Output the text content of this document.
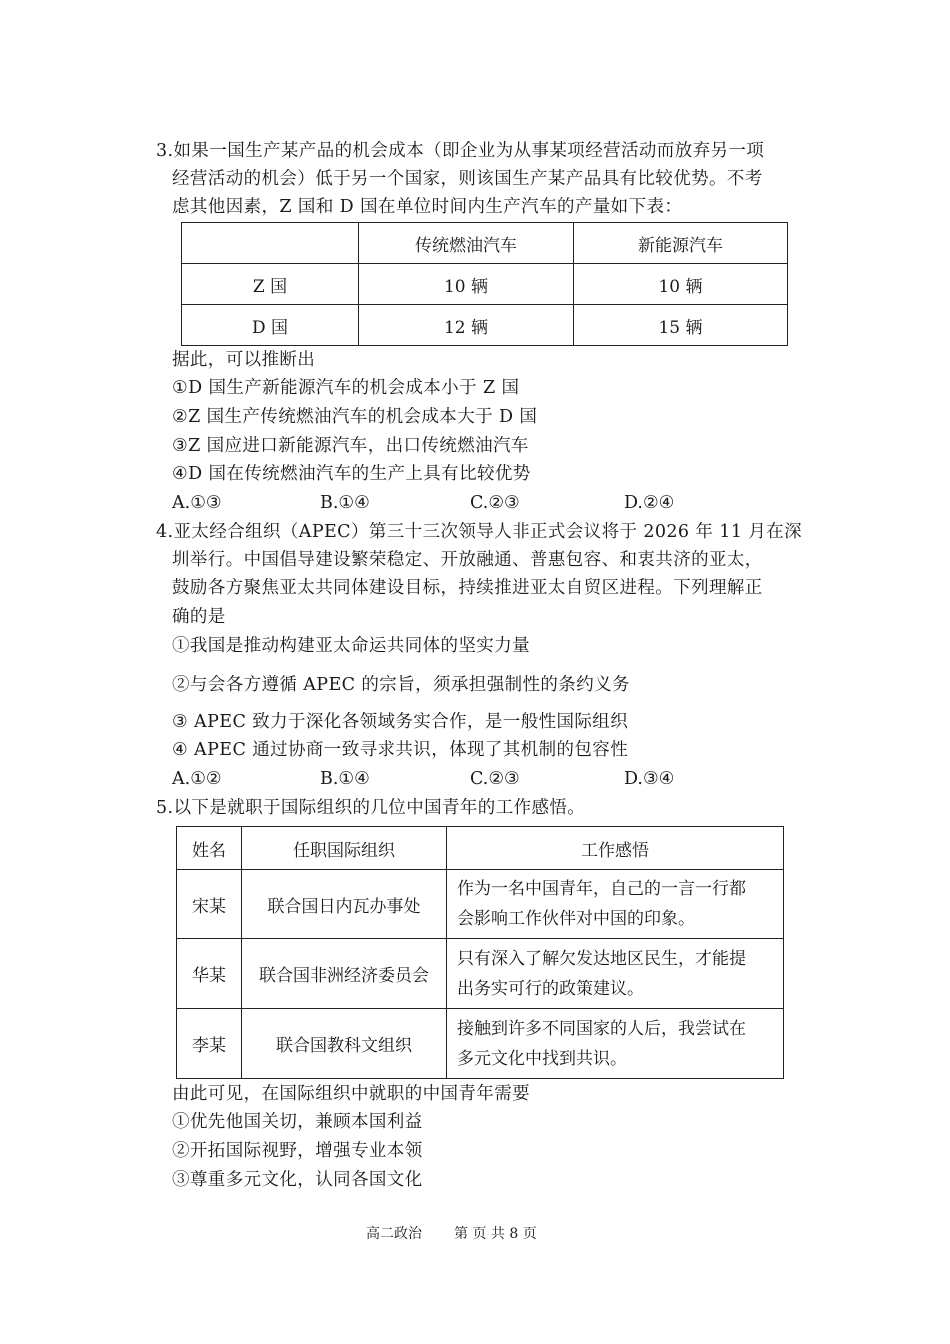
3.如果一国生产某产品的机会成本（即企业为从事某项经营活动而放弃另一项
经营活动的机会）低于另一个国家，则该国生产某产品具有比较优势。不考
虑其他因素，Z 国和 D 国在单位时间内生产汽车的产量如下表：
	传统燃油汽车	新能源汽车
Z 国	10 辆	10 辆
D 国	12 辆	15 辆
据此，可以推断出
①D 国生产新能源汽车的机会成本小于 Z 国
②Z 国生产传统燃油汽车的机会成本大于 D 国
③Z 国应进口新能源汽车，出口传统燃油汽车
④D 国在传统燃油汽车的生产上具有比较优势
A.①③	B.①④	C.②③	D.②④
4.亚太经合组织（APEC）第三十三次领导人非正式会议将于 2026 年 11 月在深
圳举行。中国倡导建设繁荣稳定、开放融通、普惠包容、和衷共济的亚太，
鼓励各方聚焦亚太共同体建设目标，持续推进亚太自贸区进程。下列理解正
确的是
①我国是推动构建亚太命运共同体的坚实力量
②与会各方遵循 APEC 的宗旨，须承担强制性的条约义务
③ APEC 致力于深化各领域务实合作，是一般性国际组织
④ APEC 通过协商一致寻求共识，体现了其机制的包容性
A.①②	B.①④	C.②③	D.③④
5.以下是就职于国际组织的几位中国青年的工作感悟。
姓名	任职国际组织	工作感悟
宋某	联合国日内瓦办事处	作为一名中国青年，自己的一言一行都
会影响工作伙伴对中国的印象。

华某	联合国非洲经济委员会	只有深入了解欠发达地区民生，才能提
出务实可行的政策建议。

李某	联合国教科文组织	接触到许多不同国家的人后，我尝试在
多元文化中找到共识。
由此可见，在国际组织中就职的中国青年需要
①优先他国关切，兼顾本国利益
②开拓国际视野，增强专业本领
③尊重多元文化，认同各国文化
高二政治 第 页 共 8 页
